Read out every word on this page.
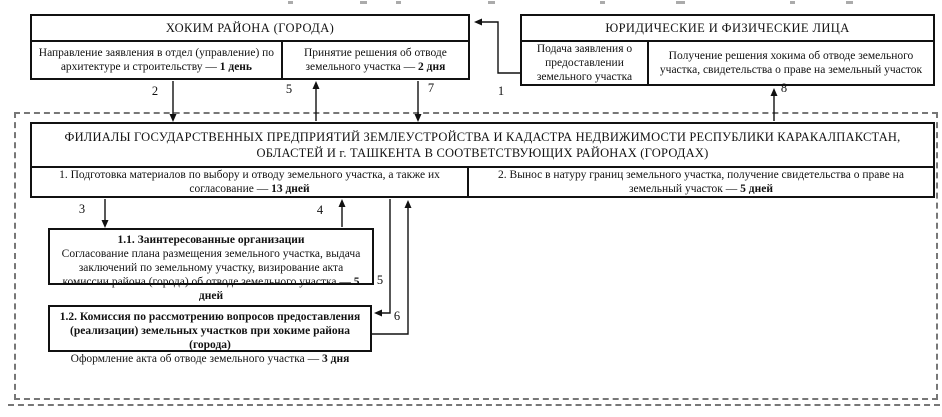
ХОКИМ РАЙОНА (ГОРОДА)
Направление заявления в отдел (управление) по архитектуре и строительству — 1 день
Принятие решения об отводе земельного участка — 2 дня
ЮРИДИЧЕСКИЕ И ФИЗИЧЕСКИЕ ЛИЦА
Подача заявления о предоставлении земельного участка
Получение решения хокима об отводе земельного участка, свидетельства о праве на земельный участок
ФИЛИАЛЫ ГОСУДАРСТВЕННЫХ ПРЕДПРИЯТИЙ ЗЕМЛЕУСТРОЙСТВА И КАДАСТРА НЕДВИЖИМОСТИ РЕСПУБЛИКИ КАРАКАЛПАКСТАН,
ОБЛАСТЕЙ И г. ТАШКЕНТА В СООТВЕТСТВУЮЩИХ РАЙОНАХ (ГОРОДАХ)
1. Подготовка материалов по выбору и отводу земельного участка, а также их согласование — 13 дней
2. Вынос в натуру границ земельного участка, получение свидетельства о праве на земельный участок — 5 дней
1.1. Заинтересованные организации
Согласование плана размещения земельного участка, выдача заключений по земельному участку, визирование акта комиссии района (города) об отводе земельного участка — 5 дней
1.2. Комиссия по рассмотрению вопросов предоставления (реализации) земельных участков при хокиме района (города)
Оформление акта об отводе земельного участка — 3 дня
1
2	5	7	8
3	4
5
6
